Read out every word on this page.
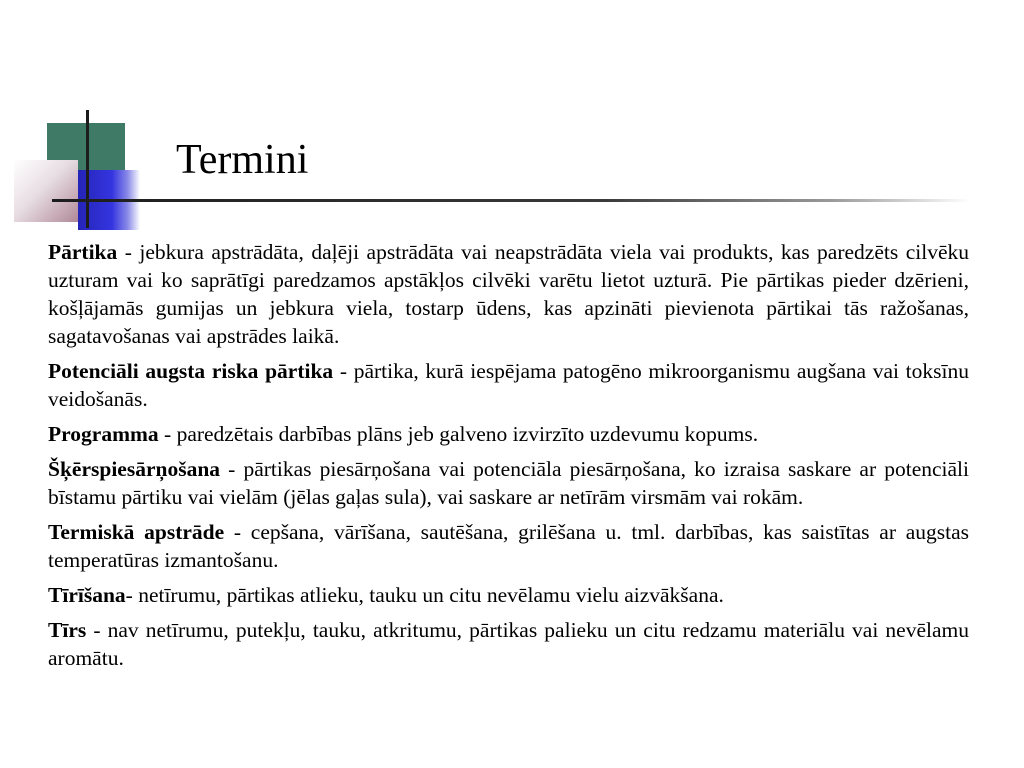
Termini

Pārtika - jebkura apstrādāta, daļēji apstrādāta vai neapstrādāta viela vai produkts, kas paredzēts cilvēku uzturam vai ko saprātīgi paredzamos apstākļos cilvēki varētu lietot uzturā. Pie pārtikas pieder dzērieni, košļājamās gumijas un jebkura viela, tostarp ūdens, kas apzināti pievienota pārtikai tās ražošanas, sagatavošanas vai apstrādes laikā.

Potenciāli augsta riska pārtika - pārtika, kurā iespējama patogēno mikroorganismu augšana vai toksīnu veidošanās.

Programma - paredzētais darbības plāns jeb galveno izvirzīto uzdevumu kopums.

Šķērspiesārņošana - pārtikas piesārņošana vai potenciāla piesārņošana, ko izraisa saskare ar potenciāli bīstamu pārtiku vai vielām (jēlas gaļas sula), vai saskare ar netīrām virsmām vai rokām.

Termiskā apstrāde - cepšana, vārīšana, sautēšana, grilēšana u. tml. darbības, kas saistītas ar augstas temperatūras izmantošanu.

Tīrīšana- netīrumu, pārtikas atlieku, tauku un citu nevēlamu vielu aizvākšana.

Tīrs - nav netīrumu, putekļu, tauku, atkritumu, pārtikas palieku un citu redzamu materiālu vai nevēlamu aromātu.
